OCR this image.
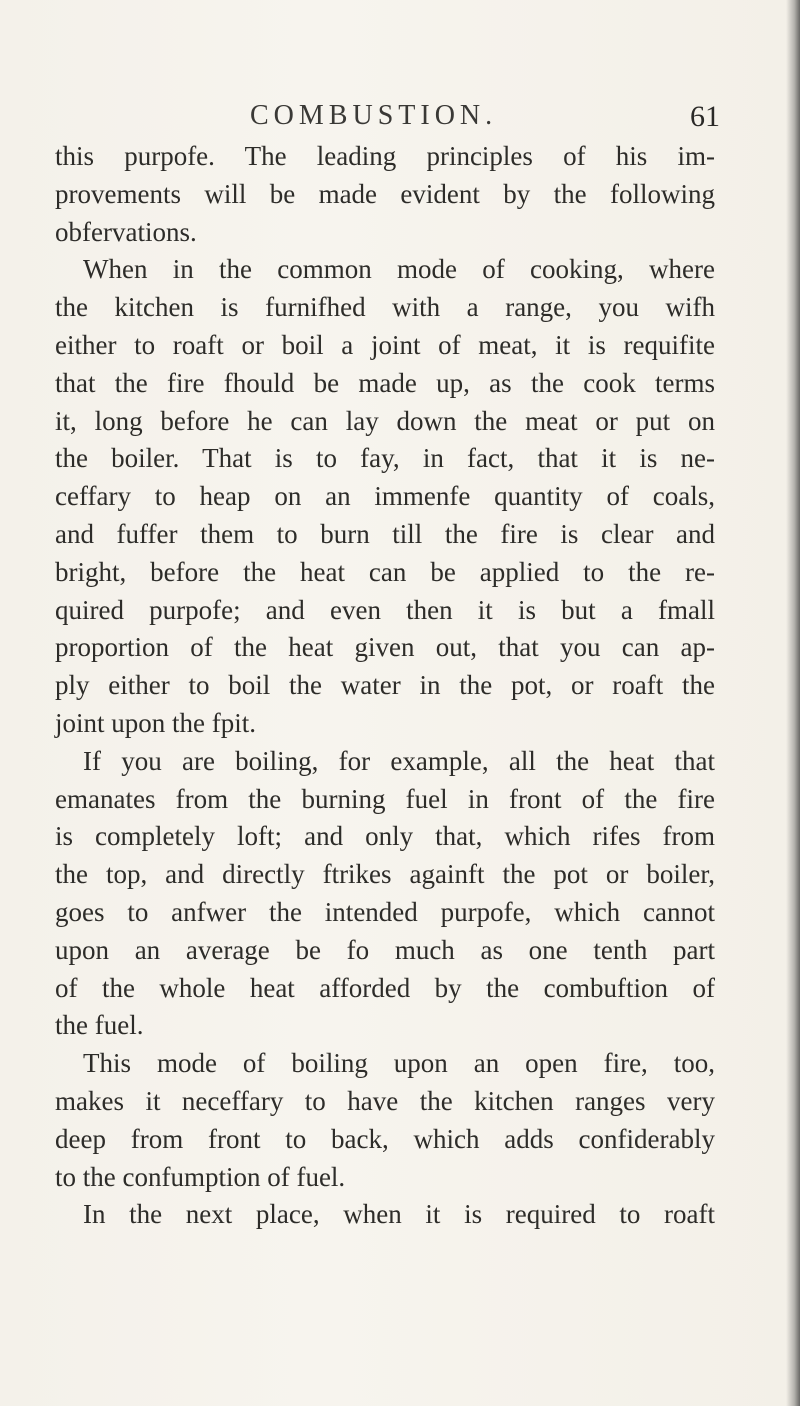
COMBUSTION.	61
this purpofe. The leading principles of his im-
provements will be made evident by the following
obfervations.
When in the common mode of cooking, where
the kitchen is furnifhed with a range, you wifh
either to roaft or boil a joint of meat, it is requifite
that the fire fhould be made up, as the cook terms
it, long before he can lay down the meat or put on
the boiler. That is to fay, in fact, that it is ne-
ceffary to heap on an immenfe quantity of coals,
and fuffer them to burn till the fire is clear and
bright, before the heat can be applied to the re-
quired purpofe; and even then it is but a fmall
proportion of the heat given out, that you can ap-
ply either to boil the water in the pot, or roaft the
joint upon the fpit.
If you are boiling, for example, all the heat that
emanates from the burning fuel in front of the fire
is completely loft; and only that, which rifes from
the top, and directly ftrikes againft the pot or boiler,
goes to anfwer the intended purpofe, which cannot
upon an average be fo much as one tenth part
of the whole heat afforded by the combuftion of
the fuel.
This mode of boiling upon an open fire, too,
makes it neceffary to have the kitchen ranges very
deep from front to back, which adds confiderably
to the confumption of fuel.
In the next place, when it is required to roaft
